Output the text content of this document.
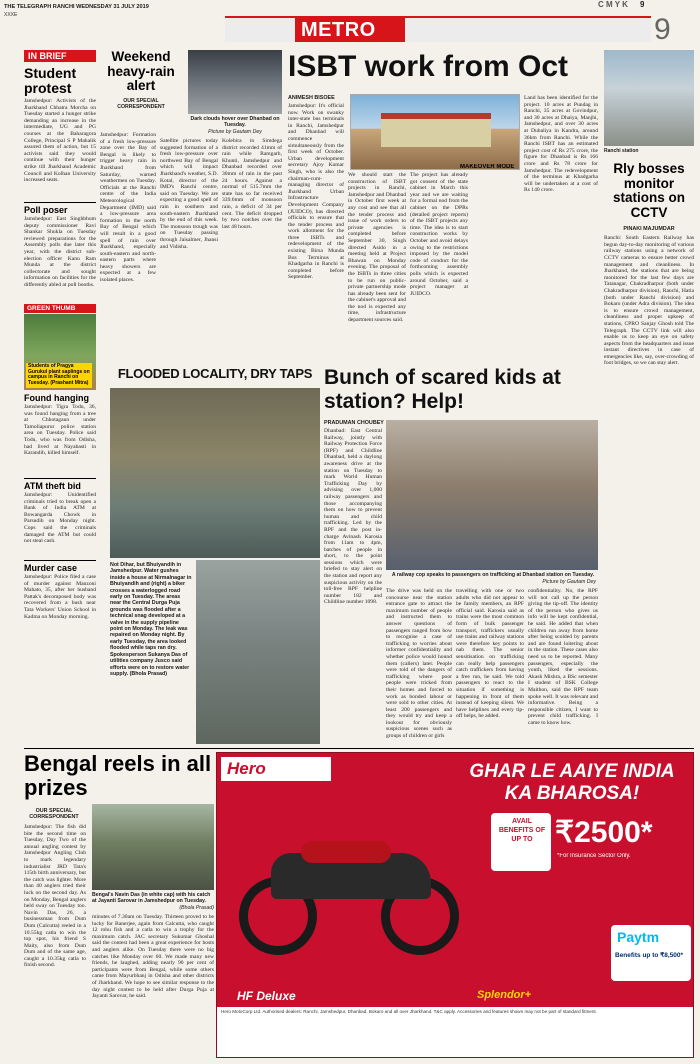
THE TELEGRAPH RANCHI WEDNESDAY 31 JULY 2019	C M Y K 9
XXXE
METRO	9
IN BRIEF
Student protest
Jamshedpur: Activists of the Jharkhand Chhatra Morcha on Tuesday started a hunger strike demanding an increase in the intermediate, UG and PG courses at the Baharagora College, Principal S P Mahalik assured them of action, but 15 activists said they would continue with their hunger strike till Jharkhand Academic Council and Kolhan University increased seats.
Poll poser
Jamshedpur: East Singhbhum deputy commissioner Ravi Shankar Shukla on Tuesday reviewed preparations for the Assembly polls due later this year, with the district sub-election officer Kanu Ram Munda at the district collectorate and sought information on facilities for the differently abled at poll booths.
GREEN THUMB
Students of Pragya Gurukul plant saplings on campus in Ranchi on Tuesday. (Prashant Mitra)
Found hanging
Jamshedpur: Tigra Todu, 36, was found hanging from a tree at Chhotagaun under Tamoliapurur police station area on Tuesday. Police said Todu, who was from Odisha, had lived at Nayabasti in Karandih, killed himself.
ATM theft bid
Jamshedpur: Unidentified criminals tried to break open a Bank of India ATM at Bowangarda Chowk in Parsudih on Monday night. Cops said the criminals damaged the ATM but could not steal cash.
Murder case
Jamshedpur: Police filed a case of murder against Manzoni Mahato, 35, after her husband Pattak's decomposed body was recovered from a bush near Tata Workers' Union School in Kadma on Monday morning.
Weekend heavy-rain alert
OUR SPECIAL CORRESPONDENT
Dark clouds hover over Dhanbad on Tuesday.
Picture by Gautam Dey
Jamshedpur: Formation of a fresh low-pressure zone over the Bay of Bengal is likely to trigger heavy rain in Jharkhand from Saturday, warned weathermen on Tuesday. Officials at the Ranchi centre of the India Meteorological Department (IMD) said a low-pressure area formation in the north Bay of Bengal which will result in a good spell of rain over Jharkhand, especially south-eastern and north-eastern parts where heavy showers are expected at a few isolated places.
Satellite pictures today suggested formation of a fresh low-pressure over northwest Bay of Bengal which will impact Jharkhand's weather, S.D. Kotal, director of the IMD's Ranchi centre, said on Tuesday. We are expecting a good spell of rain in southern and south-eastern Jharkhand by the end of this week. The monsoon trough was on Tuesday passing through Jaisalmer, Jhansi and Vidisha.
Kolebira in Simdega district recorded 41mm of rain while Ramgarh, Khunti, Jamshedpur and Dhanbad recorded over 30mm of rain in the past 24 hours. Against a normal of 515.7mm the state has so far received 339.6mm of monsoon rain, a deficit of 34 per cent. The deficit dropped by two notches over the last 48 hours.
ISBT work from Oct
ANIMESH BISOEE
Jamshedpur: It's official now. Work on swanky inter-state bus terminals in Ranchi, Jamshedpur and Dhanbad will commence simultaneously from the first week of October. Urban development secretary Ajoy Kumar Singh, who is also the chairman-cum-managing director of Jharkhand Urban Infrastructure Development Company (JUIDCO), has directed officials to ensure that the tender process and work allotment for the three ISBTs and redevelopment of the existing Birsa Munda Bus Terminus at Khadgarha in Ranchi is completed before September.
We should start the construction of ISBT projects in Ranchi, Jamshedpur and Dhanbad in October first week at any cost and see that all the tender process and issue of work orders to private agencies is completed before September 30, Singh directed Asido in a meeting held at Project Bhawan on Monday evening. The proposal of the ISBTs in three cities to be run on public-private partnership mode has already been sent for the cabinet's approval and the nod is expected any time, infrastructure department sources said.
MAKEOVER MODE
The project has already got consent of the state cabinet in March this year and we are waiting for a formal nod from the cabinet on the DPRs (detailed project reports) of the ISBT projects any time. The idea is to start construction works by October and avoid delays owing to the restrictions imposed by the model code of conduct for the forthcoming assembly polls which is expected around October, said a project manager at JUIDCO.
Land has been identified for the project. 10 acres at Pundag in Ranchi, 35 acres at Govindpur, and 30 acres at Dhaiya, Manjhi, Jamshedpur, and over 30 acres at Dubaliya in Kandra, around 36km from Ranchi. While the Ranchi ISBT has an estimated project cost of Rs 275 crore, the figure for Dhanbad is Rs 166 crore and Rs 78 crore for Jamshedpur. The redevelopment of the terminus at Khadgarha will be undertaken at a cost of Rs 140 crore.
Ranchi station
Rly bosses monitor stations on CCTV
PINAKI MAJUMDAR
Ranchi: South Eastern Railway has begun day-to-day monitoring of various railway stations using a network of CCTV cameras to ensure better crowd management and cleanliness. In Jharkhand, the stations that are being monitored for the last few days are Tatanagar, Chakradharpur (both under Chakradharpur division), Ranchi, Hatia (both under Ranchi division) and Bokaro (under Adra division). The idea is to ensure crowd management, cleanliness and proper upkeep of stations, CPRO Sanjay Ghosh told The Telegraph. The CCTV link will also enable us to keep an eye on safety aspects from the headquarters and issue instant directives in case of emergencies like, say, over-crowding of foot bridges, so we can stay alert.
FLOODED LOCALITY, DRY TAPS
Not Dihar, but Bhuiyandih in Jamshedpur. Water gushes inside a house at Nirmalnagar in Bhuiyandih and (right) a biker crosses a waterlogged road early on Tuesday. The areas near the Central Durga Puja grounds was flooded after a technical snag developed at a valve in the supply pipeline point on Monday. The leak was repaired on Monday night. By early Tuesday, the area looked flooded while taps ran dry. Spokesperson Sukanya Das of utilities company Jusco said efforts were on to restore water supply. (Bhola Prasad)
Bunch of scared kids at station? Help!
PRADUMAN CHOUBEY
Dhanbad: East Central Railway, jointly with Railway Protection Force (RPF) and Childline Dhanbad, held a daylong awareness drive at the station on Tuesday to mark World Human Trafficking Day by advising over 1,000 railway passengers and those accompanying them on how to prevent human and child trafficking. Led by the RPF and the post in-charge Avinash Karosia from 11am to 4pm, batches of people in short, to the point sessions which were briefed to stay alert on the station and report any suspicious activity on the toll-free RPF helpline number 182 and Childline number 1098.
A railway cop speaks to passengers on trafficking at Dhanbad station on Tuesday.
Picture by Gautam Dey
The drive was held on the concourse near the station entrance gate to attract the maximum number of people and instructed them to answer questions of passengers ranged from how to recognise a case of trafficking to worries about informer confidentiality and whether police would hound them (callers) later. People were told of the dangers of trafficking where poor people were tricked from their homes and forced to work as bonded labour or were sold to other cities. At least 200 passengers and they would try and keep a lookout for obviously suspicious scenes such as groups of children or girls
travelling with one or two adults who did not appear to be family members, an RPF official said. Karosia said as trains were the most common form of bulk passenger transport, traffickers usually use trains and railway stations were therefore key points to nab them. The senior sensitisation on trafficking can really help passengers catch traffickers from having a free run, he said. We told passengers to react to the situation if something is happening in front of them instead of keeping silent. We have helplines and every tip-off helps, he added.
confidentiality. No, the RPF will not call up the person giving the tip-off. The identity of the person who gives us info will be kept confidential, he said. He added that when children run away from home after being scolded by parents and are found loitering about in the station. These cases also need us to be reported. Many passengers, especially the youth, liked the sessions. Akash Mishra, a BSc semester I student of BSK College Maithon, said the RPF team spoke well. It was relevant and informative. Being a responsible citizen, I want to prevent child trafficking. I came to know how.
Bengal reels in all prizes
OUR SPECIAL CORRESPONDENT
Jamshedpur: The fish did bite the second time on Tuesday, Day Two of the annual angling contest by Jamshedpur Angling Club to mark legendary industrialist JRD Tata's 115th birth anniversary, but the catch was lighter. More than 40 anglers tried their luck on the second day. As on Monday, Bengal anglers held sway on Tuesday too. Navin Das, 26, a businessman from Dum Dum (Calcutta) reeled in a 10.55kg catla to win the top spot, his friend S Maity, also from Dum Dum and of the same age, caught a 10.35kg catla to finish second.
Bengal's Navin Das (in white cap) with his catch at Jayanti Sarovar in Jamshedpur on Tuesday.
(Bhola Prasad)
minutes of 7.30am on Tuesday. Thirteen proved to be lucky for Banerjee, again from Calcutta, who caught 12 rohu fish and a catla to win a trophy for the maximum catch. JAC secretary Sukumar Ghoshal said the contest had been a great experience for hosts and anglers alike. On Tuesday there were no big catches like Monday over 60. We made many new friends, he laughed, adding nearly 90 per cent of participants were from Bengal, while some others came from Mayurbhanj in Odisha and other districts of Jharkhand. We hope to see similar response to the day night contest to be held after Durga Puja at Jayanti Sarovar, he said.
Hero	GHAR LE AAIYE INDIA KA BHAROSA!
AVAIL BENEFITS OF UP TO ₹2500*
*For Insurance Sector Only.
HF Deluxe	Splendor+
Paytm
Benefits up to ₹8,500*
Hero MotoCorp Ltd. Authorised dealers: Ranchi, Jamshedpur, Dhanbad, Bokaro and all over Jharkhand. T&C apply. Accessories and features shown may not be part of standard fitment.
